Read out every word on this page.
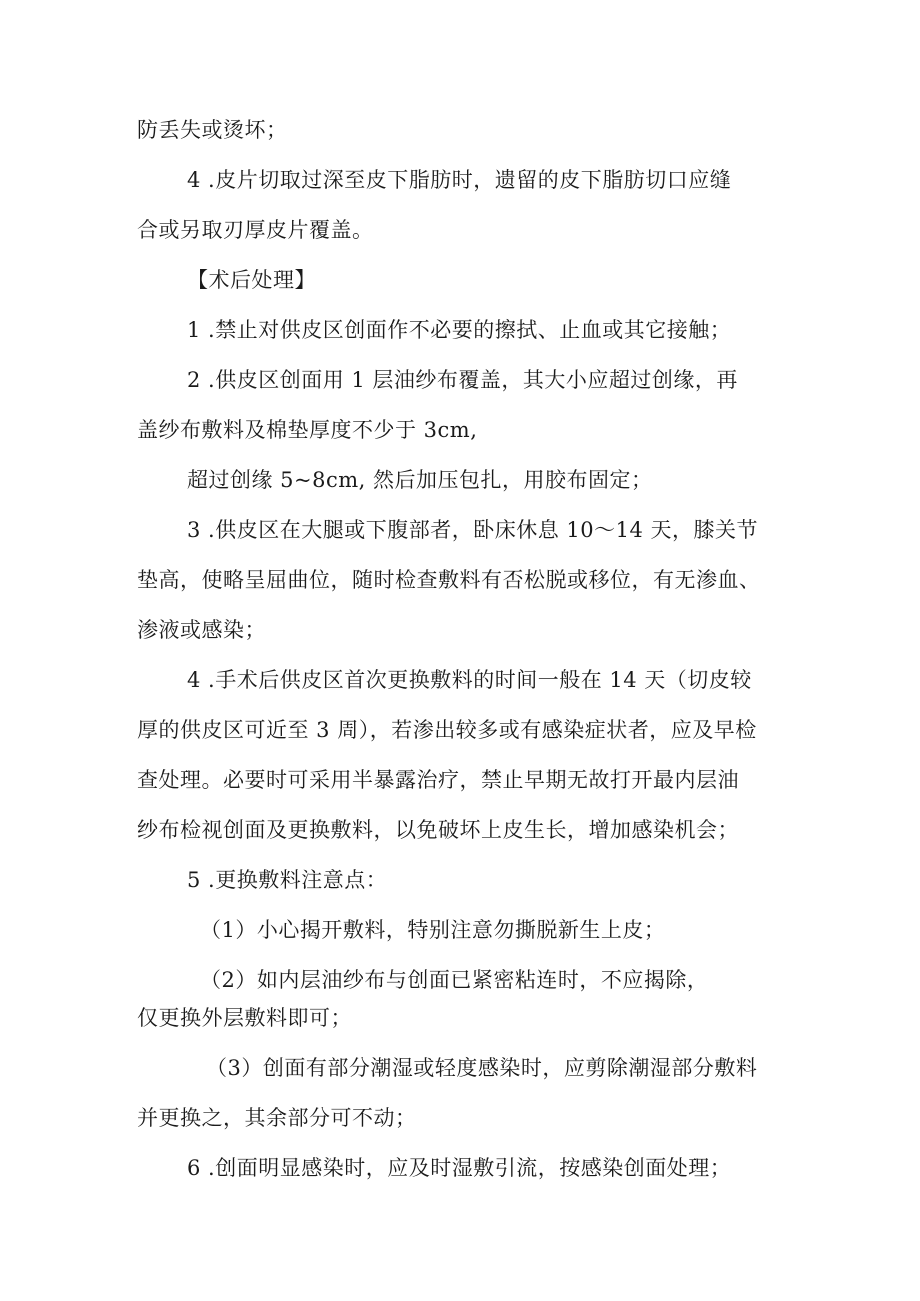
防丢失或烫坏；
4 .皮片切取过深至皮下脂肪时，遗留的皮下脂肪切口应缝
合或另取刃厚皮片覆盖。
【术后处理】
1 .禁止对供皮区创面作不必要的擦拭、止血或其它接触；
2 .供皮区创面用 1 层油纱布覆盖，其大小应超过创缘，再
盖纱布敷料及棉垫厚度不少于 3cm,
超过创缘 5~8cm, 然后加压包扎，用胶布固定；
3 .供皮区在大腿或下腹部者，卧床休息 10～14 天，膝关节
垫高，使略呈屈曲位，随时检查敷料有否松脱或移位，有无渗血、
渗液或感染；
4 .手术后供皮区首次更换敷料的时间一般在 14 天（切皮较
厚的供皮区可近至 3 周），若渗出较多或有感染症状者，应及早检
查处理。必要时可采用半暴露治疗，禁止早期无故打开最内层油
纱布检视创面及更换敷料，以免破坏上皮生长，增加感染机会；
5 .更换敷料注意点：
（1）小心揭开敷料，特别注意勿撕脱新生上皮；
（2）如内层油纱布与创面已紧密粘连时，不应揭除，
仅更换外层敷料即可；
（3）创面有部分潮湿或轻度感染时，应剪除潮湿部分敷料
并更换之，其余部分可不动；
6 .创面明显感染时，应及时湿敷引流，按感染创面处理；
